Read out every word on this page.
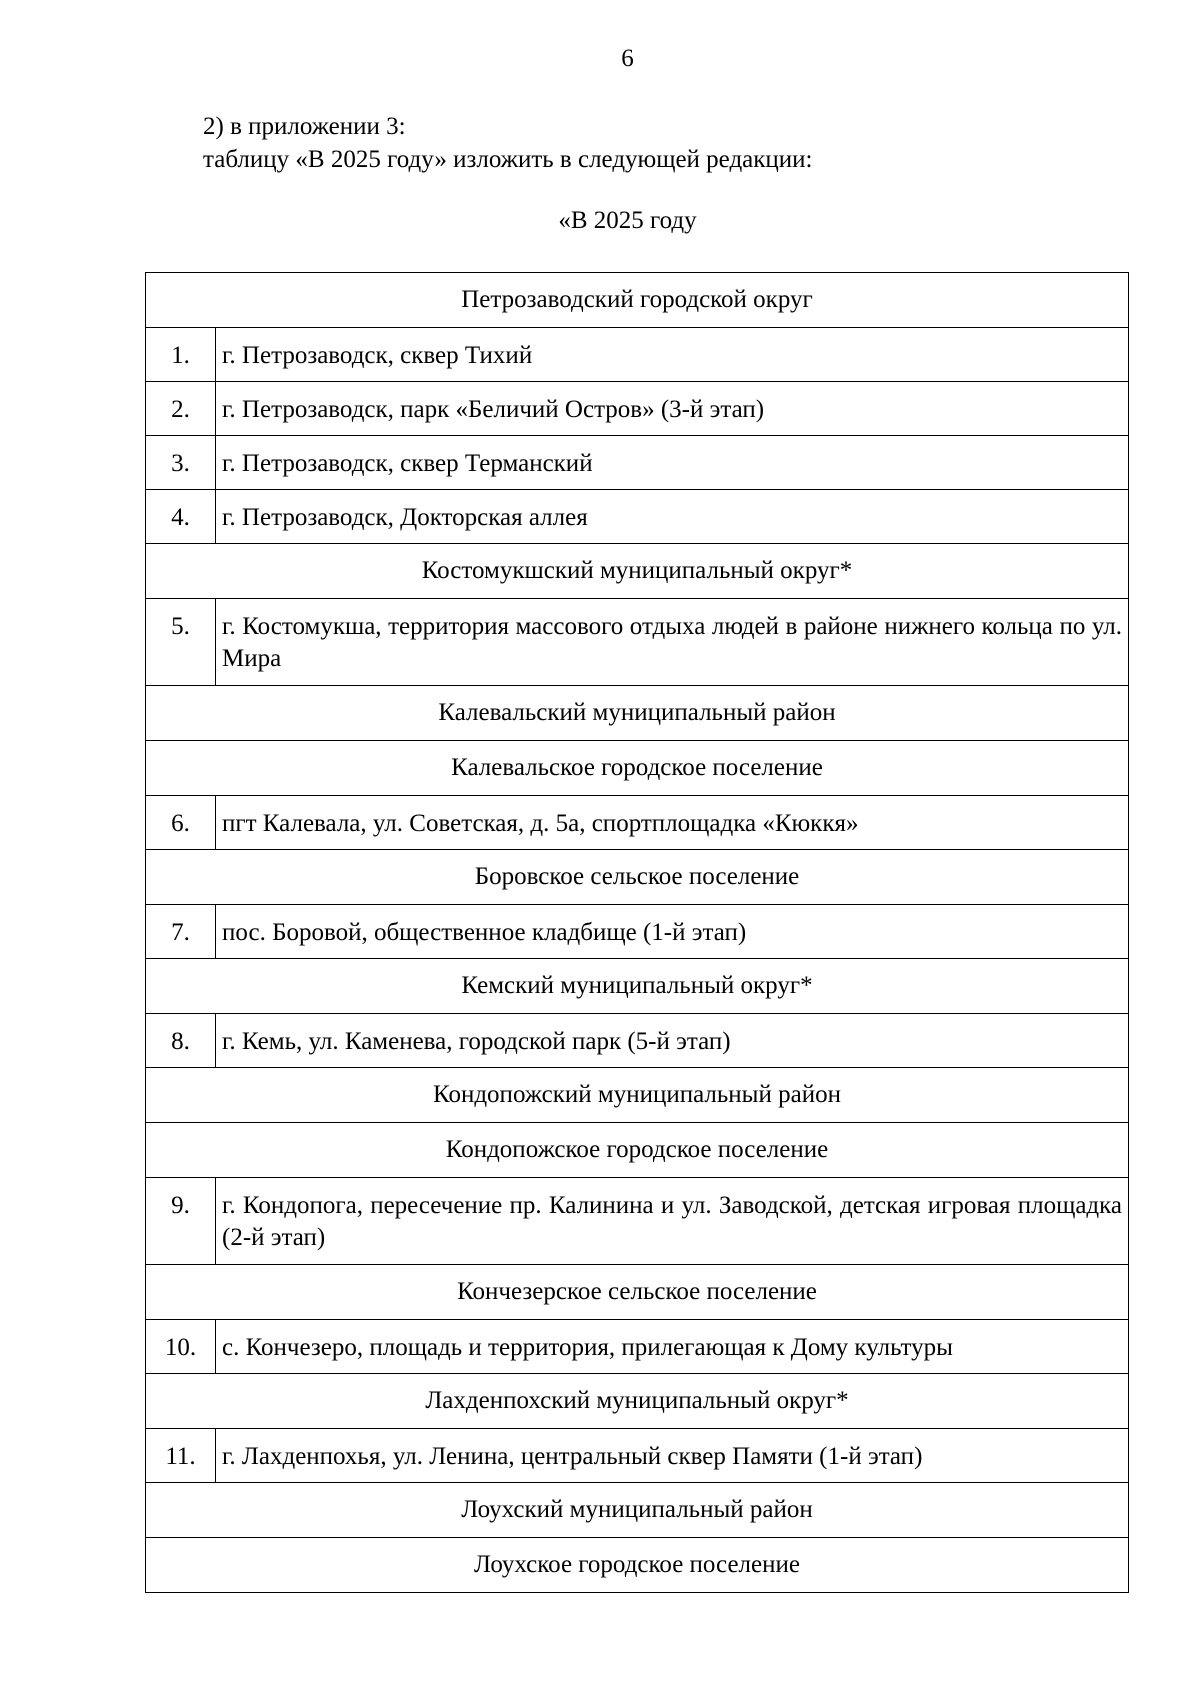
6
2) в приложении 3:
таблицу «В 2025 году» изложить в следующей редакции:
«В 2025 году
Петрозаводский городской округ	
1.	г. Петрозаводск, сквер Тихий
2.	г. Петрозаводск, парк «Беличий Остров» (3-й этап)
3.	г. Петрозаводск, сквер Терманский
4.	г. Петрозаводск, Докторская аллея
Костомукшский муниципальный округ*	
5.	г. Костомукша, территория массового отдыха людей в районе нижнего кольца по ул. Мира
Калевальский муниципальный район	
Калевальское городское поселение	
6.	пгт Калевала, ул. Советская, д. 5а, спортплощадка «Кюккя»
Боровское сельское поселение	
7.	пос. Боровой, общественное кладбище (1-й этап)
Кемский муниципальный округ*	
8.	г. Кемь, ул. Каменева, городской парк (5-й этап)
Кондопожский муниципальный район	
Кондопожское городское поселение	
9.	г. Кондопога, пересечение пр. Калинина и ул. Заводской, детская игровая площадка (2-й этап)
Кончезерское сельское поселение	
10.	с. Кончезеро, площадь и территория, прилегающая к Дому культуры
Лахденпохский муниципальный округ*	
11.	г. Лахденпохья, ул. Ленина, центральный сквер Памяти (1-й этап)
Лоухский муниципальный район	
Лоухское городское поселение	
